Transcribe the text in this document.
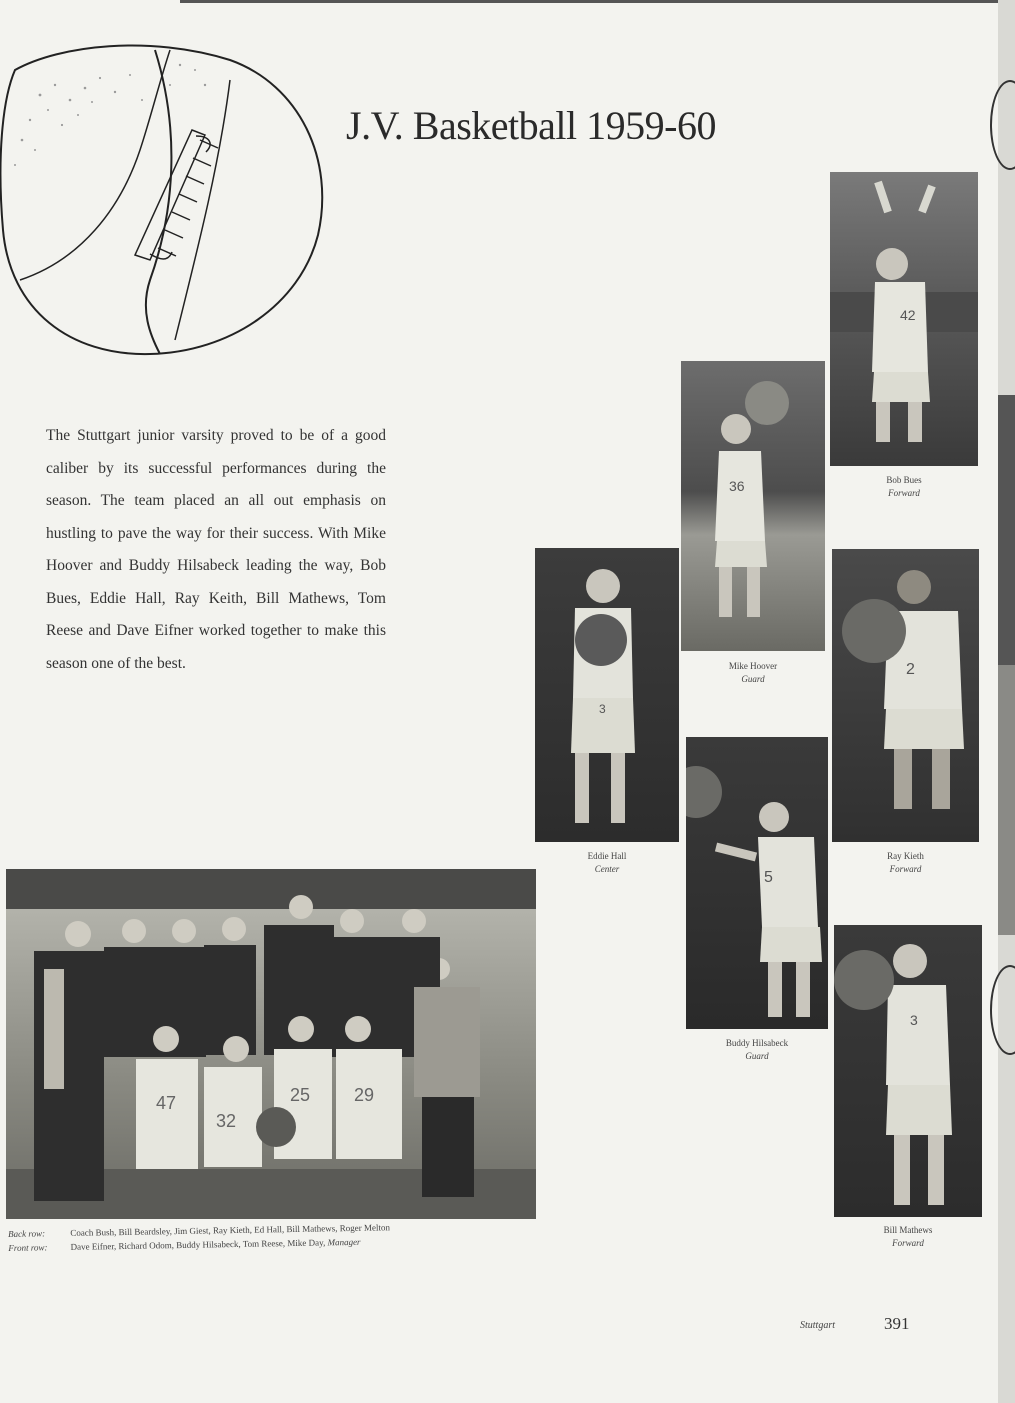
J.V. Basketball 1959-60

The Stuttgart junior varsity proved to be of a good caliber by its successful performances during the season. The team placed an all out emphasis on hustling to pave the way for their success. With Mike Hoover and Buddy Hilsabeck leading the way, Bob Bues, Eddie Hall, Ray Keith, Bill Mathews, Tom Reese and Dave Eifner worked together to make this season one of the best.

42
Bob Bues
Forward
36
Mike Hoover
Guard
3
Eddie Hall
Center
2
Ray Kieth
Forward
5
Buddy Hilsabeck
Guard
3
Bill Mathews
Forward
47
32
25 29
Back row:	Coach Bush, Bill Beardsley, Jim Giest, Ray Kieth, Ed Hall, Bill Mathews, Roger Melton
Front row:	Dave Eifner, Richard Odom, Buddy Hilsabeck, Tom Reese, Mike Day, Manager
Stuttgart	391
